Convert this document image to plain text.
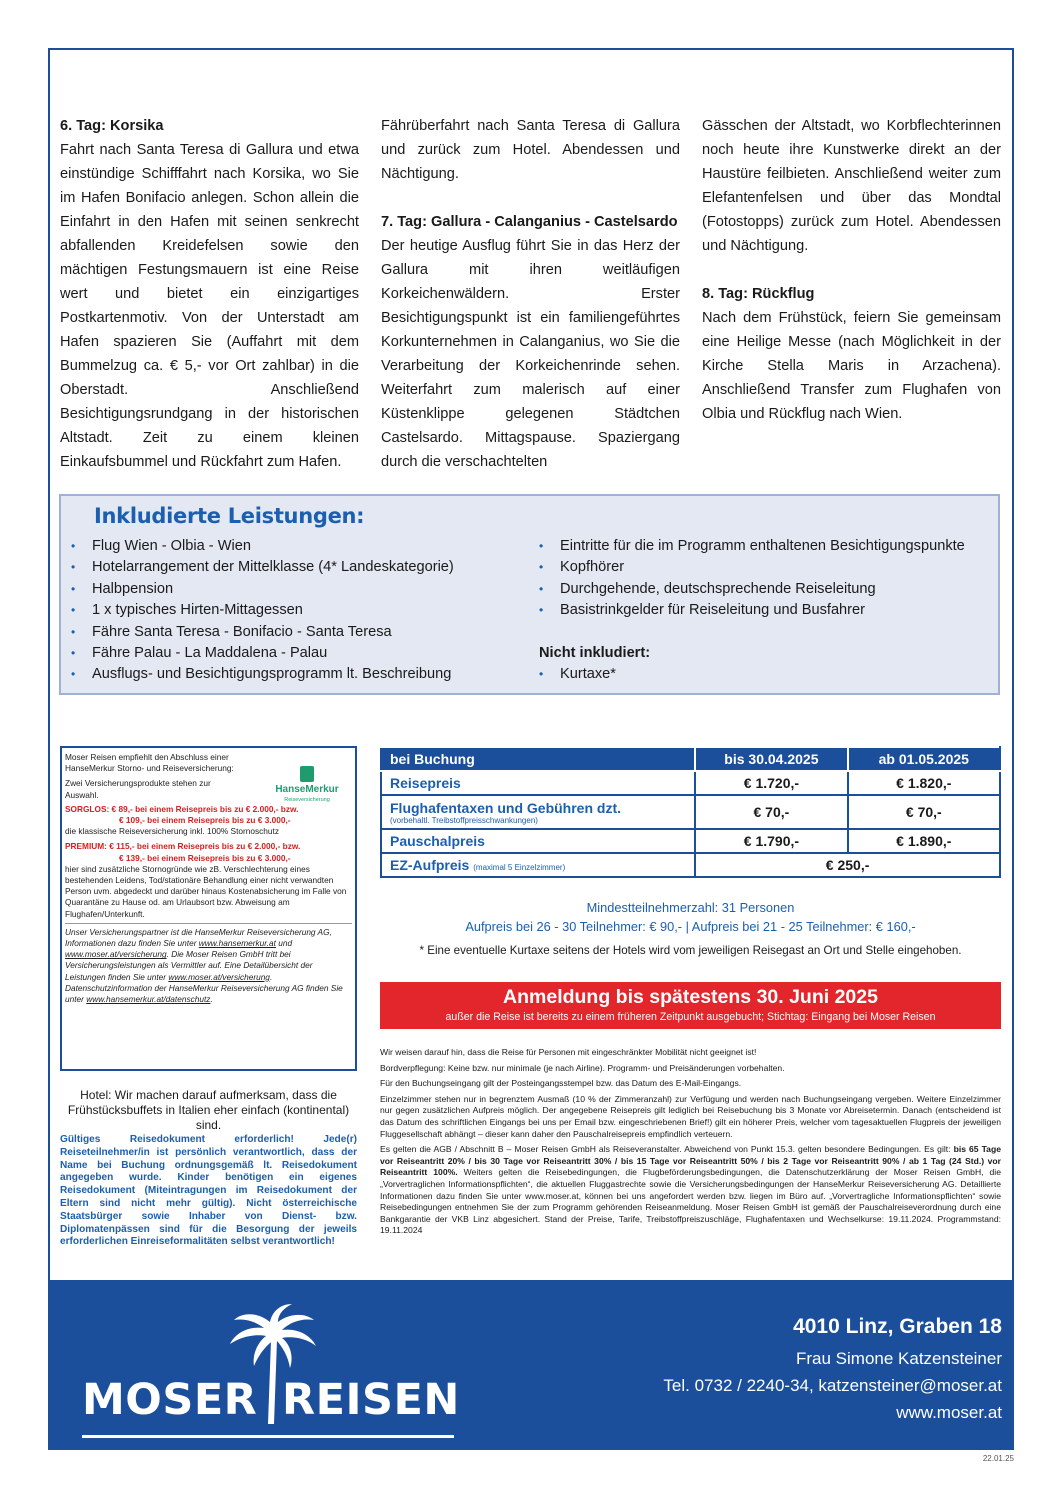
6. Tag: Korsika

Fahrt nach Santa Teresa di Gallura und etwa einstündige Schifffahrt nach Korsika, wo Sie im Hafen Bonifacio anlegen. Schon allein die Einfahrt in den Hafen mit seinen senkrecht abfallenden Kreidefelsen sowie den mächtigen Festungsmauern ist eine Reise wert und bietet ein einzigartiges Postkartenmotiv. Von der Unterstadt am Hafen spazieren Sie (Auffahrt mit dem Bummelzug ca. € 5,- vor Ort zahlbar) in die Oberstadt. Anschließend Besichtigungsrundgang in der historischen Altstadt. Zeit zu einem kleinen Einkaufsbummel und Rückfahrt zum Hafen.

Fährüberfahrt nach Santa Teresa di Gallura und zurück zum Hotel. Abendessen und Nächtigung.

7. Tag: Gallura - Calanganius - Castelsardo

Der heutige Ausflug führt Sie in das Herz der Gallura mit ihren weitläufigen Korkeichenwäldern. Erster Besichtigungspunkt ist ein familiengeführtes Korkunternehmen in Calanganius, wo Sie die Verarbeitung der Korkeichenrinde sehen. Weiterfahrt zum malerisch auf einer Küstenklippe gelegenen Städtchen Castelsardo. Mittagspause. Spaziergang durch die verschachtelten

Gässchen der Altstadt, wo Korbflechterinnen noch heute ihre Kunstwerke direkt an der Haustüre feilbieten. Anschließend weiter zum Elefantenfelsen und über das Mondtal (Fotostopps) zurück zum Hotel. Abendessen und Nächtigung.

8. Tag: Rückflug

Nach dem Frühstück, feiern Sie gemeinsam eine Heilige Messe (nach Möglichkeit in der Kirche Stella Maris in Arzachena). Anschließend Transfer zum Flughafen von Olbia und Rückflug nach Wien.

Inkludierte Leistungen:
• Flug Wien - Olbia - Wien
• Hotelarrangement der Mittelklasse (4* Landeskategorie)
• Halbpension
• 1 x typisches Hirten-Mittagessen
• Fähre Santa Teresa - Bonifacio - Santa Teresa
• Fähre Palau - La Maddalena - Palau
• Ausflugs- und Besichtigungsprogramm lt. Beschreibung
• Eintritte für die im Programm enthaltenen Besichtigungspunkte
• Kopfhörer
• Durchgehende, deutschsprechende Reiseleitung
• Basistrinkgelder für Reiseleitung und Busfahrer
Nicht inkludiert:
• Kurtaxe*
HanseMerkur
Reiseversicherung
Moser Reisen empfiehlt den Abschluss einer HanseMerkur Storno- und Reiseversicherung:
Zwei Versicherungsprodukte stehen zur Auswahl.
SORGLOS: € 89,- bei einem Reisepreis bis zu € 2.000,- bzw.
€ 109,- bei einem Reisepreis bis zu € 3.000,-
die klassische Reiseversicherung inkl. 100% Stornoschutz
PREMIUM: € 115,- bei einem Reisepreis bis zu € 2.000,- bzw.
€ 139,- bei einem Reisepreis bis zu € 3.000,-
hier sind zusätzliche Stornogründe wie zB. Verschlechterung eines bestehenden Leidens, Tod/stationäre Behandlung einer nicht verwandten Person uvm. abgedeckt und darüber hinaus Kostenabsicherung im Falle von Quarantäne zu Hause od. am Urlaubsort bzw. Abweisung am Flughafen/Unterkunft.
Unser Versicherungspartner ist die HanseMerkur Reiseversicherung AG, Informationen dazu finden Sie unter www.hansemerkur.at und www.moser.at/versicherung. Die Moser Reisen GmbH tritt bei Versicherungsleistungen als Vermittler auf. Eine Detailübersicht der Leistungen finden Sie unter www.moser.at/versicherung. Datenschutzinformation der HanseMerkur Reiseversicherung AG finden Sie unter www.hansemerkur.at/datenschutz.
Hotel: Wir machen darauf aufmerksam, dass die Frühstücksbuffets in Italien eher einfach (kontinental) sind.
Gültiges Reisedokument erforderlich! Jede(r) Reiseteilnehmer/in ist persönlich verantwortlich, dass der Name bei Buchung ordnungsgemäß lt. Reisedokument angegeben wurde. Kinder benötigen ein eigenes Reisedokument (Miteintragungen im Reisedokument der Eltern sind nicht mehr gültig). Nicht österreichische Staatsbürger sowie Inhaber von Dienst- bzw. Diplomatenpässen sind für die Besorgung der jeweils erforderlichen Einreiseformalitäten selbst verantwortlich!
bei Buchung	bis 30.04.2025	ab 01.05.2025
Reisepreis	€ 1.720,-	€ 1.820,-

Flughafentaxen und Gebühren dzt.
(vorbehaltl. Treibstoffpreisschwankungen)	€ 70,-	€ 70,-
Pauschalpreis	€ 1.790,-	€ 1.890,-
EZ-Aufpreis (maximal 5 Einzelzimmer)	€ 250,-	
Mindestteilnehmerzahl: 31 Personen
Aufpreis bei 26 - 30 Teilnehmer: € 90,- | Aufpreis bei 21 - 25 Teilnehmer: € 160,-
* Eine eventuelle Kurtaxe seitens der Hotels wird vom jeweiligen Reisegast an Ort und Stelle eingehoben.
Anmeldung bis spätestens 30. Juni 2025
außer die Reise ist bereits zu einem früheren Zeitpunkt ausgebucht; Stichtag: Eingang bei Moser Reisen

Wir weisen darauf hin, dass die Reise für Personen mit eingeschränkter Mobilität nicht geeignet ist!

Bordverpflegung: Keine bzw. nur minimale (je nach Airline). Programm- und Preisänderungen vorbehalten.

Für den Buchungseingang gilt der Posteingangsstempel bzw. das Datum des E-Mail-Eingangs.

Einzelzimmer stehen nur in begrenztem Ausmaß (10 % der Zimmeranzahl) zur Verfügung und werden nach Buchungseingang vergeben. Weitere Einzelzimmer nur gegen zusätzlichen Aufpreis möglich. Der angegebene Reisepreis gilt lediglich bei Reisebuchung bis 3 Monate vor Abreisetermin. Danach (entscheidend ist das Datum des schriftlichen Eingangs bei uns per Email bzw. eingeschriebenen Brief!) gilt ein höherer Preis, welcher vom tagesaktuellen Flugpreis der jeweiligen Fluggesellschaft abhängt – dieser kann daher den Pauschalreisepreis empfindlich verteuern.

Es gelten die AGB / Abschnitt B – Moser Reisen GmbH als Reiseveranstalter. Abweichend von Punkt 15.3. gelten besondere Bedingungen. Es gilt: bis 65 Tage vor Reiseantritt 20% / bis 30 Tage vor Reiseantritt 30% / bis 15 Tage vor Reiseantritt 50% / bis 2 Tage vor Reiseantritt 90% / ab 1 Tag (24 Std.) vor Reiseantritt 100%. Weiters gelten die Reisebedingungen, die Flugbeförderungsbedingungen, die Datenschutzerklärung der Moser Reisen GmbH, die „Vorvertraglichen Informationspflichten“, die aktuellen Fluggastrechte sowie die Versicherungsbedingungen der HanseMerkur Reiseversicherung AG. Detaillierte Informationen dazu finden Sie unter www.moser.at, können bei uns angefordert werden bzw. liegen im Büro auf. „Vorvertragliche Informationspflichten“ sowie Reisebedingungen entnehmen Sie der zum Programm gehörenden Reiseanmeldung. Moser Reisen GmbH ist gemäß der Pauschalreiseverordnung durch eine Bankgarantie der VKB Linz abgesichert. Stand der Preise, Tarife, Treibstoffpreiszuschläge, Flughafentaxen und Wechselkurse: 19.11.2024. Programmstand: 19.11.2024

MOSER REISEN
4010 Linz, Graben 18
Frau Simone Katzensteiner
Tel. 0732 / 2240-34, katzensteiner@moser.at
www.moser.at
22.01.25
